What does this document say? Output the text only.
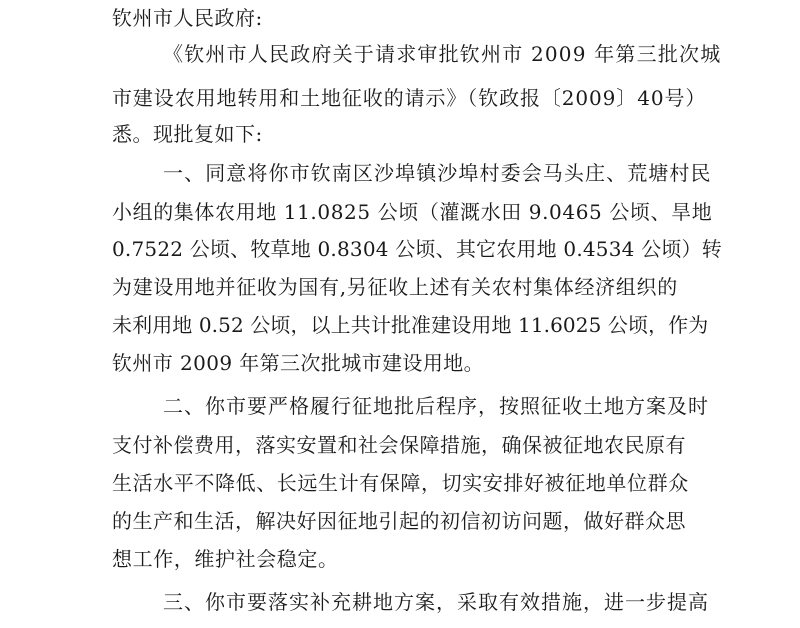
钦州市人民政府:
《钦州市人民政府关于请求审批钦州市 2009 年第三批次城
市建设农用地转用和土地征收的请示》（钦政报〔2009〕40号）
悉。现批复如下:
一、同意将你市钦南区沙埠镇沙埠村委会马头庄、荒塘村民
小组的集体农用地 11.0825 公顷（灌溉水田 9.0465 公顷、旱地
0.7522 公顷、牧草地 0.8304 公顷、其它农用地 0.4534 公顷）转
为建设用地并征收为国有,另征收上述有关农村集体经济组织的
未利用地 0.52 公顷，以上共计批准建设用地 11.6025 公顷，作为
钦州市 2009 年第三次批城市建设用地。
二、你市要严格履行征地批后程序，按照征收土地方案及时
支付补偿费用，落实安置和社会保障措施，确保被征地农民原有
生活水平不降低、长远生计有保障，切实安排好被征地单位群众
的生产和生活，解决好因征地引起的初信初访问题，做好群众思
想工作，维护社会稳定。
三、你市要落实补充耕地方案，采取有效措施，进一步提高
